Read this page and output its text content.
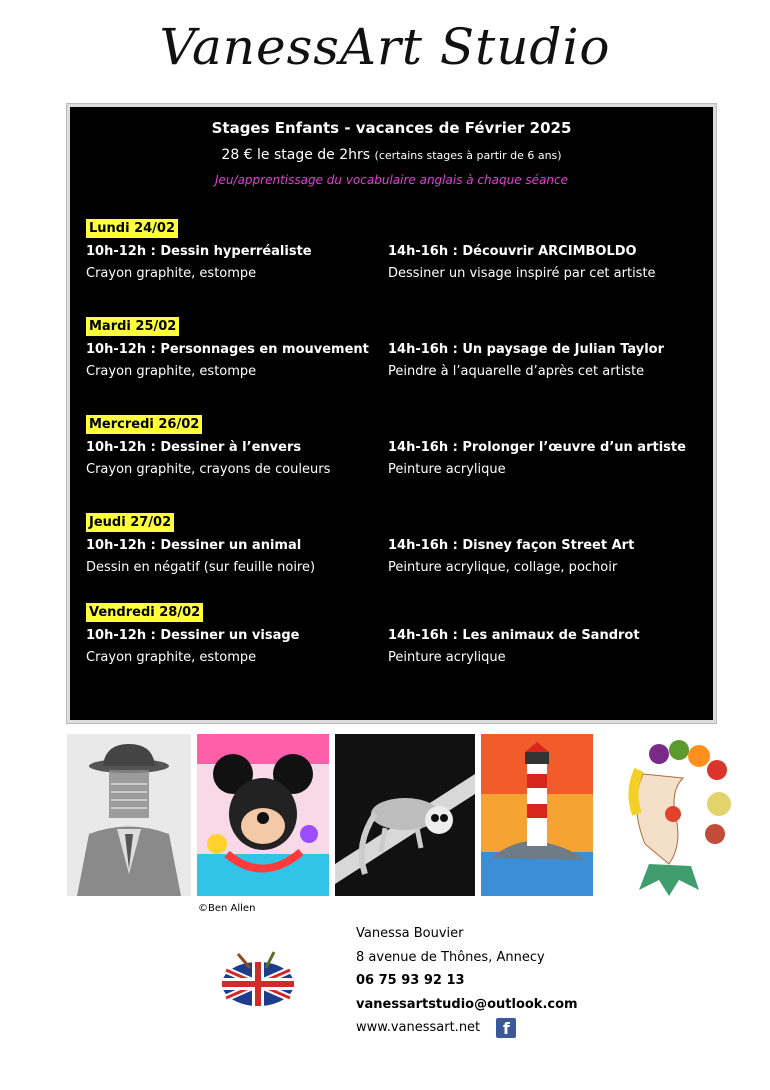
VanessArt Studio
Stages Enfants - vacances de Février 2025
28 € le stage de 2hrs (certains stages à partir de 6 ans)
Jeu/apprentissage du vocabulaire anglais à chaque séance
Lundi 24/02
10h-12h : Dessin hyperréaliste	14h-16h : Découvrir ARCIMBOLDO
Crayon graphite, estompe	Dessiner un visage inspiré par cet artiste
Mardi 25/02
10h-12h : Personnages en mouvement 14h-16h : Un paysage de Julian Taylor
Crayon graphite, estompe	Peindre à l’aquarelle d’après cet artiste
Mercredi 26/02
10h-12h : Dessiner à l’envers	14h-16h : Prolonger l’œuvre d’un artiste
Crayon graphite, crayons de couleurs	Peinture acrylique
Jeudi 27/02
10h-12h : Dessiner un animal	14h-16h : Disney façon Street Art
Dessin en négatif (sur feuille noire)	Peinture acrylique, collage, pochoir
Vendredi 28/02
10h-12h : Dessiner un visage	14h-16h : Les animaux de Sandrot
Crayon graphite, estompe	Peinture acrylique
©Ben Allen
Vanessa Bouvier
8 avenue de Thônes, Annecy
06 75 93 92 13
vanessartstudio@outlook.com
www.vanessart.net f
